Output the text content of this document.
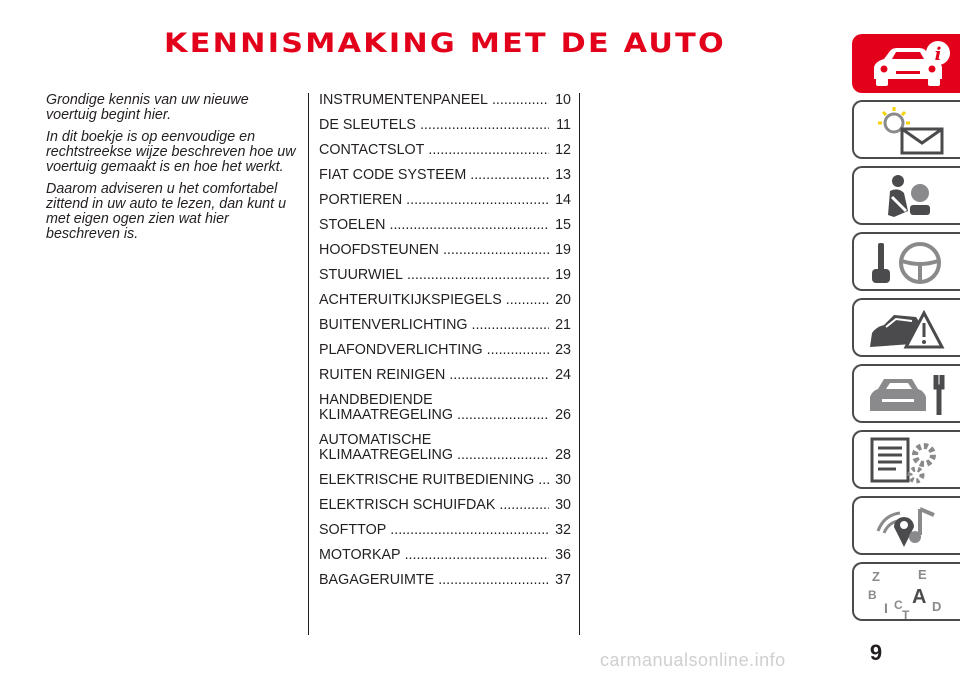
KENNISMAKING MET DE AUTO

Grondige kennis van uw nieuwe voertuig begint hier.

In dit boekje is op eenvoudige en rechtstreekse wijze beschreven hoe uw voertuig gemaakt is en hoe het werkt.

Daarom adviseren u het comfortabel zittend in uw auto te lezen, dan kunt u met eigen ogen zien wat hier beschreven is.

INSTRUMENTENPANEEL .....	10
DE SLEUTELS .....	11
CONTACTSLOT .....	12
FIAT CODE SYSTEEM .....	13
PORTIEREN .....	14
STOELEN .....	15
HOOFDSTEUNEN .....	19
STUURWIEL .....	19
ACHTERUITKIJKSPIEGELS .....	20
BUITENVERLICHTING .....	21
PLAFONDVERLICHTING .....	23
RUITEN REINIGEN .....	24
HANDBEDIENDE
KLIMAATREGELING .....	26
AUTOMATISCHE
KLIMAATREGELING .....	28
ELEKTRISCHE RUITBEDIENING ..... 30
ELEKTRISCH SCHUIFDAK .....	30
SOFTTOP .....	32
MOTORKAP .....	36
BAGAGERUIMTE .....	37
i
Z	E
B A
I C D
T
9
carmanualsonline.info
